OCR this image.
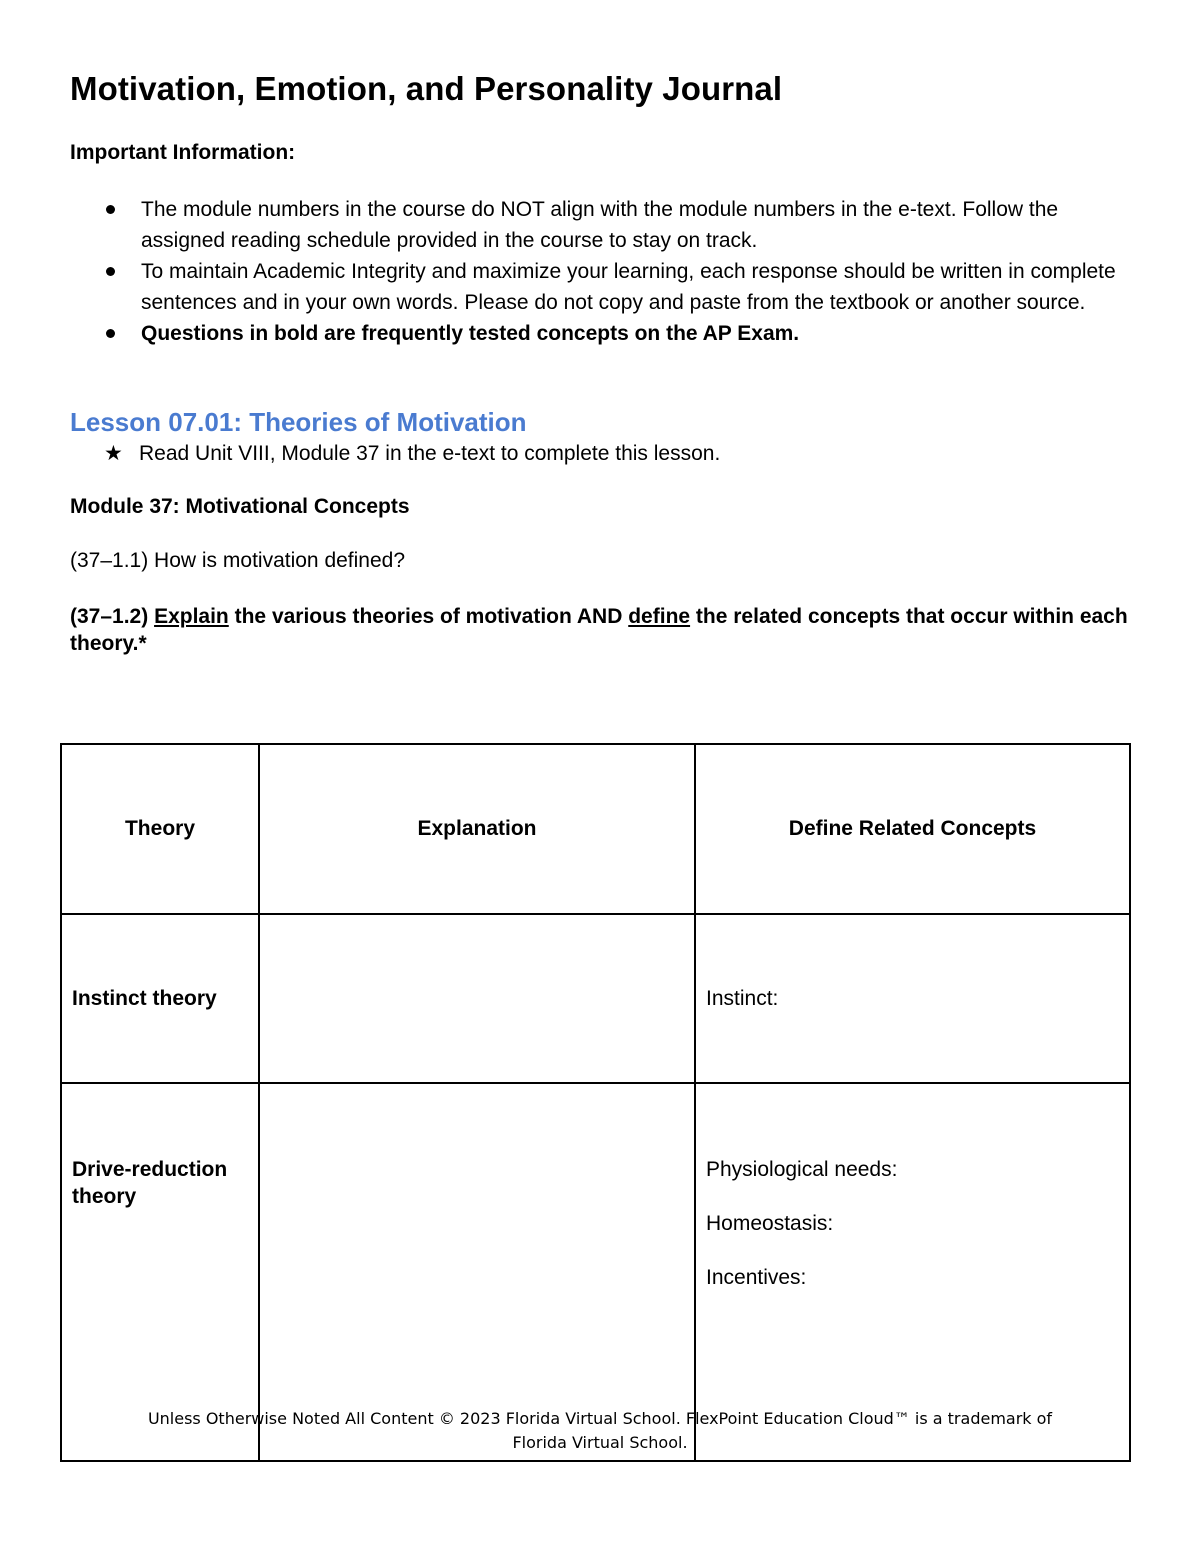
Motivation, Emotion, and Personality Journal
Important Information:
The module numbers in the course do NOT align with the module numbers in the e-text. Follow the assigned reading schedule provided in the course to stay on track.
To maintain Academic Integrity and maximize your learning, each response should be written in complete sentences and in your own words. Please do not copy and paste from the textbook or another source.
Questions in bold are frequently tested concepts on the AP Exam.
Lesson 07.01: Theories of Motivation
★ Read Unit VIII, Module 37 in the e-text to complete this lesson.
Module 37: Motivational Concepts
(37–1.1) How is motivation defined?
(37–1.2) Explain the various theories of motivation AND define the related concepts that occur within each theory.*
Theory	Explanation	Define Related Concepts

Instinct theory		Instinct:

Drive-reduction theory		Physiological needs:

Homeostasis:

Incentives:

Unless Otherwise Noted All Content © 2023 Florida Virtual School. FlexPoint Education Cloud™ is a trademark of
Florida Virtual School.
